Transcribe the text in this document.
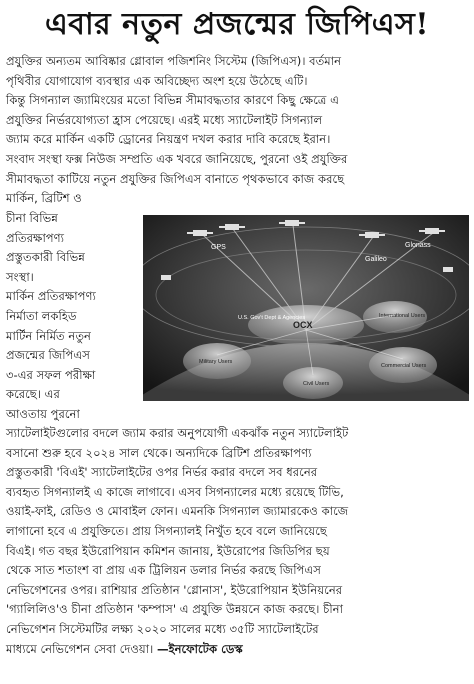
এবার নতুন প্রজন্মের জিপিএস!
প্রযুক্তির অন্যতম আবিষ্কার গ্লোবাল পজিশনিং সিস্টেম (জিপিএস)। বর্তমান
পৃথিবীর যোগাযোগ ব্যবস্থার এক অবিচ্ছেদ্য অংশ হয়ে উঠেছে এটি।
কিন্তু সিগন্যাল জ্যামিংয়ের মতো বিভিন্ন সীমাবদ্ধতার কারণে কিছু ক্ষেত্রে এ
প্রযুক্তির নির্ভরযোগ্যতা হ্রাস পেয়েছে। এরই মধ্যে স্যাটেলাইট সিগন্যাল
জ্যাম করে মার্কিন একটি ড্রোনের নিয়ন্ত্রণ দখল করার দাবি করেছে ইরান।
সংবাদ সংস্থা ফক্স নিউজ সম্প্রতি এক খবরে জানিয়েছে, পুরনো ওই প্রযুক্তির
সীমাবদ্ধতা কাটিয়ে নতুন প্রযুক্তির জিপিএস বানাতে পৃথকভাবে কাজ করছে
মার্কিন, ব্রিটিশ ও
চীনা বিভিন্ন
প্রতিরক্ষাপণ্য
প্রস্তুতকারী বিভিন্ন
সংস্থা।
মার্কিন প্রতিরক্ষাপণ্য
নির্মাতা লকহিড
মার্টিন নির্মিত নতুন
প্রজন্মের জিপিএস
৩-এর সফল পরীক্ষা
করেছে। এর
GPS	Glonass
Galileo
OCX
U.S. Gov't Dept & Agencies	International Users
Military Users
Commercial Users
Civil Users
আওতায় পুরনো
স্যাটেলাইটগুলোর বদলে জ্যাম করার অনুপযোগী একঝাঁক নতুন স্যাটেলাইট
বসানো শুরু হবে ২০২৪ সাল থেকে। অন্যদিকে ব্রিটিশ প্রতিরক্ষাপণ্য
প্রস্তুতকারী 'বিএই' স্যাটেলাইটের ওপর নির্ভর করার বদলে সব ধরনের
ব্যবহৃত সিগন্যালই এ কাজে লাগাবে। এসব সিগন্যালের মধ্যে রয়েছে টিভি,
ওয়াই-ফাই, রেডিও ও মোবাইল ফোন। এমনকি সিগন্যাল জ্যামারকেও কাজে
লাগানো হবে এ প্রযুক্তিতে। প্রায় সিগন্যালই নিখুঁত হবে বলে জানিয়েছে
বিএই। গত বছর ইউরোপিয়ান কমিশন জানায়, ইউরোপের জিডিপির ছয়
থেকে সাত শতাংশ বা প্রায় এক ট্রিলিয়ন ডলার নির্ভর করছে জিপিএস
নেভিগেশনের ওপর। রাশিয়ার প্রতিষ্ঠান 'গ্লোনাস', ইউরোপিয়ান ইউনিয়নের
'গ্যালিলিও'ও চীনা প্রতিষ্ঠান 'কম্পাস' এ প্রযুক্তি উন্নয়নে কাজ করছে। চীনা
নেভিগেশন সিস্টেমটির লক্ষ্য ২০২০ সালের মধ্যে ৩৫টি স্যাটেলাইটের
মাধ্যমে নেভিগেশন সেবা দেওয়া। —ইনফোটেক ডেস্ক
